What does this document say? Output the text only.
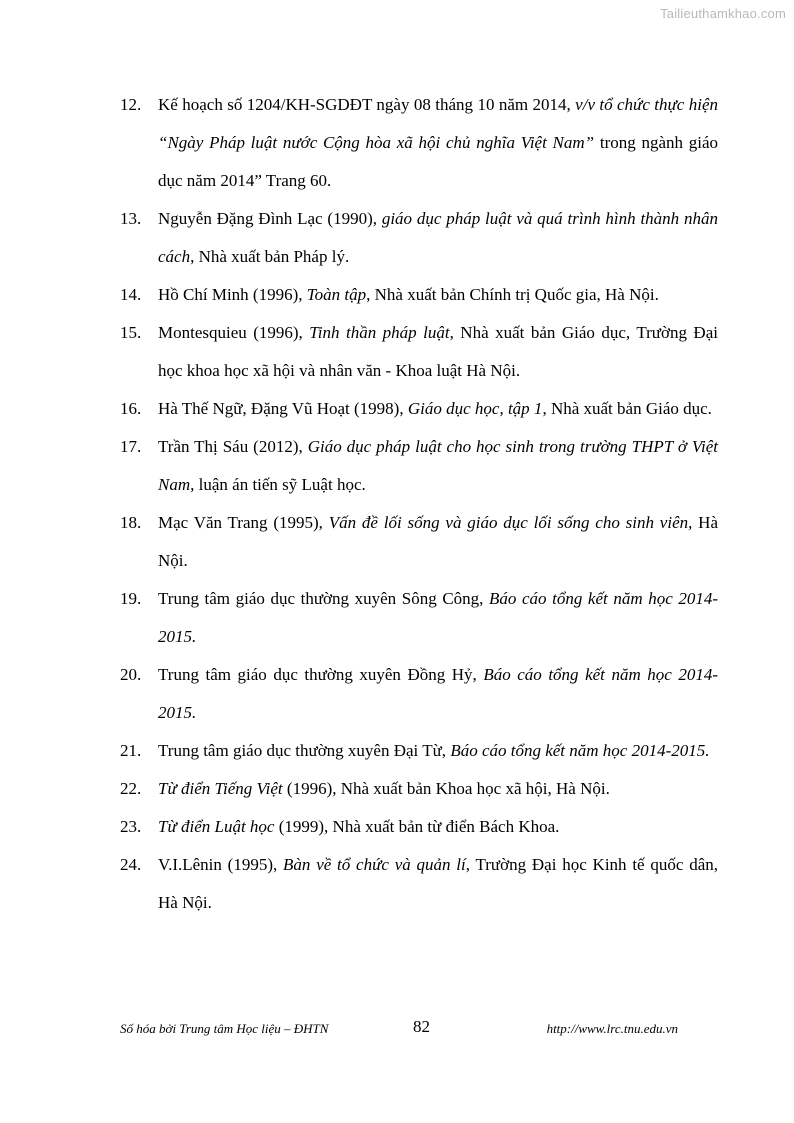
Tailieuthamkhao.com
12. Kế hoạch số 1204/KH-SGDĐT ngày 08 tháng 10 năm 2014, v/v tổ chức thực hiện “Ngày Pháp luật nước Cộng hòa xã hội chủ nghĩa Việt Nam” trong ngành giáo dục năm 2014” Trang 60.
13. Nguyễn Đặng Đình Lạc (1990), giáo dục pháp luật và quá trình hình thành nhân cách, Nhà xuất bản Pháp lý.
14. Hồ Chí Minh (1996), Toàn tập, Nhà xuất bản Chính trị Quốc gia, Hà Nội.
15. Montesquieu (1996), Tinh thần pháp luật, Nhà xuất bản Giáo dục, Trường Đại học khoa học xã hội và nhân văn - Khoa luật Hà Nội.
16. Hà Thế Ngữ, Đặng Vũ Hoạt (1998), Giáo dục học, tập 1, Nhà xuất bản Giáo dục.
17. Trần Thị Sáu (2012), Giáo dục pháp luật cho học sinh trong trường THPT ở Việt Nam, luận án tiến sỹ Luật học.
18. Mạc Văn Trang (1995), Vấn đề lối sống và giáo dục lối sống cho sinh viên, Hà Nội.
19. Trung tâm giáo dục thường xuyên Sông Công, Báo cáo tổng kết năm học 2014-2015.
20. Trung tâm giáo dục thường xuyên Đồng Hỷ, Báo cáo tổng kết năm học 2014-2015.
21. Trung tâm giáo dục thường xuyên Đại Từ, Báo cáo tổng kết năm học 2014-2015.
22. Từ điển Tiếng Việt (1996), Nhà xuất bản Khoa học xã hội, Hà Nội.
23. Từ điển Luật học (1999), Nhà xuất bản từ điển Bách Khoa.
24. V.I.Lênin (1995), Bàn về tổ chức và quản lí, Trường Đại học Kinh tế quốc dân, Hà Nội.
Số hóa bởi Trung tâm Học liệu – ĐHTN	82	http://www.lrc.tnu.edu.vn
